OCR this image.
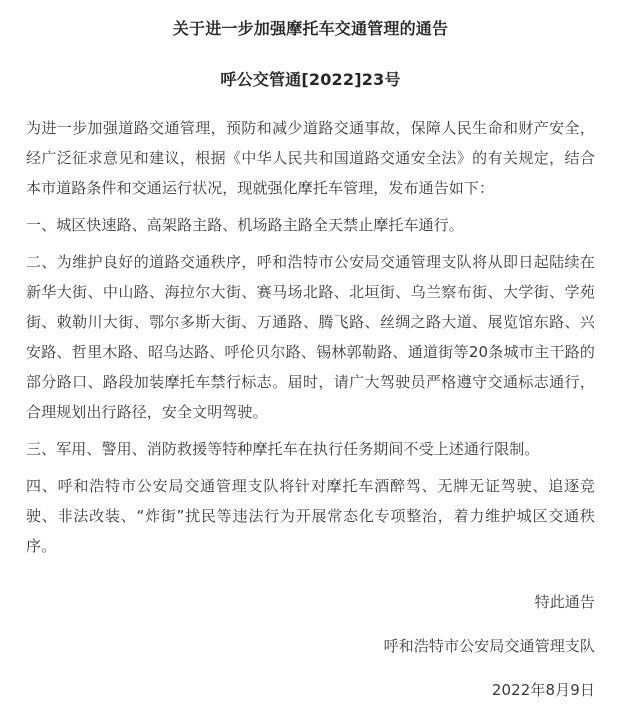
关于进一步加强摩托车交通管理的通告
呼公交管通[2022]23号

为进一步加强道路交通管理，预防和减少道路交通事故，保障人民生命和财产安全，经广泛征求意见和建议，根据《中华人民共和国道路交通安全法》的有关规定，结合本市道路条件和交通运行状况，现就强化摩托车管理，发布通告如下：

一、城区快速路、高架路主路、机场路主路全天禁止摩托车通行。

二、为维护良好的道路交通秩序，呼和浩特市公安局交通管理支队将从即日起陆续在新华大街、中山路、海拉尔大街、赛马场北路、北垣街、乌兰察布街、大学街、学苑街、敕勒川大街、鄂尔多斯大街、万通路、腾飞路、丝绸之路大道、展览馆东路、兴安路、哲里木路、昭乌达路、呼伦贝尔路、锡林郭勒路、通道街等20条城市主干路的部分路口、路段加装摩托车禁行标志。届时，请广大驾驶员严格遵守交通标志通行，合理规划出行路径，安全文明驾驶。

三、军用、警用、消防救援等特种摩托车在执行任务期间不受上述通行限制。

四、呼和浩特市公安局交通管理支队将针对摩托车酒醉驾、无牌无证驾驶、追逐竞驶、非法改装、“炸街”扰民等违法行为开展常态化专项整治，着力维护城区交通秩序。

特此通告
呼和浩特市公安局交通管理支队
2022年8月9日
